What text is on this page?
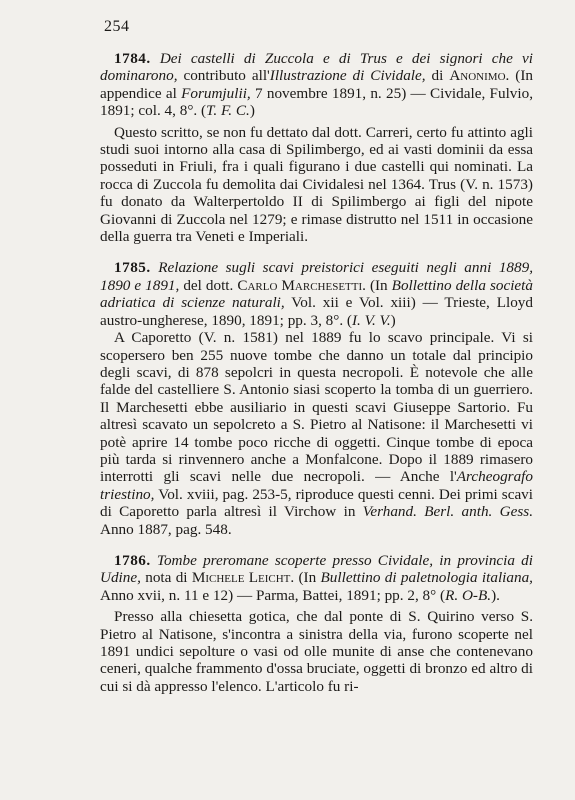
254

1784. Dei castelli di Zuccola e di Trus e dei signori che vi dominarono, contributo all'Illustrazione di Cividale, di Anonimo. (In appendice al Forumjulii, 7 novembre 1891, n. 25) — Cividale, Fulvio, 1891; col. 4, 8°. (T. F. C.)

Questo scritto, se non fu dettato dal dott. Carreri, certo fu attinto agli studi suoi intorno alla casa di Spilimbergo, ed ai vasti dominii da essa posseduti in Friuli, fra i quali figurano i due castelli qui nominati. La rocca di Zuccola fu demolita dai Cividalesi nel 1364. Trus (V. n. 1573) fu donato da Walterpertoldo II di Spilimbergo ai figli del nipote Giovanni di Zuccola nel 1279; e rimase distrutto nel 1511 in occasione della guerra tra Veneti e Imperiali.

1785. Relazione sugli scavi preistorici eseguiti negli anni 1889, 1890 e 1891, del dott. Carlo Marchesetti. (In Bollettino della società adriatica di scienze naturali, Vol. xii e Vol. xiii) — Trieste, Lloyd austro-ungherese, 1890, 1891; pp. 3, 8°. (I. V. V.)

A Caporetto (V. n. 1581) nel 1889 fu lo scavo principale. Vi si scopersero ben 255 nuove tombe che danno un totale dal principio degli scavi, di 878 sepolcri in questa necropoli. È notevole che alle falde del castelliere S. Antonio siasi scoperto la tomba di un guerriero. Il Marchesetti ebbe ausiliario in questi scavi Giuseppe Sartorio. Fu altresì scavato un sepolcreto a S. Pietro al Natisone: il Marchesetti vi potè aprire 14 tombe poco ricche di oggetti. Cinque tombe di epoca più tarda si rinvennero anche a Monfalcone. Dopo il 1889 rimasero interrotti gli scavi nelle due necropoli. — Anche l'Archeografo triestino, Vol. xviii, pag. 253-5, riproduce questi cenni. Dei primi scavi di Caporetto parla altresì il Virchow in Verhand. Berl. anth. Gess. Anno 1887, pag. 548.

1786. Tombe preromane scoperte presso Cividale, in provincia di Udine, nota di Michele Leicht. (In Bullettino di paletnologia italiana, Anno xvii, n. 11 e 12) — Parma, Battei, 1891; pp. 2, 8° (R. O-B.).

Presso alla chiesetta gotica, che dal ponte di S. Quirino verso S. Pietro al Natisone, s'incontra a sinistra della via, furono scoperte nel 1891 undici sepolture o vasi od olle munite di anse che contenevano ceneri, qualche frammento d'ossa bruciate, oggetti di bronzo ed altro di cui si dà appresso l'elenco. L'articolo fu ri-
